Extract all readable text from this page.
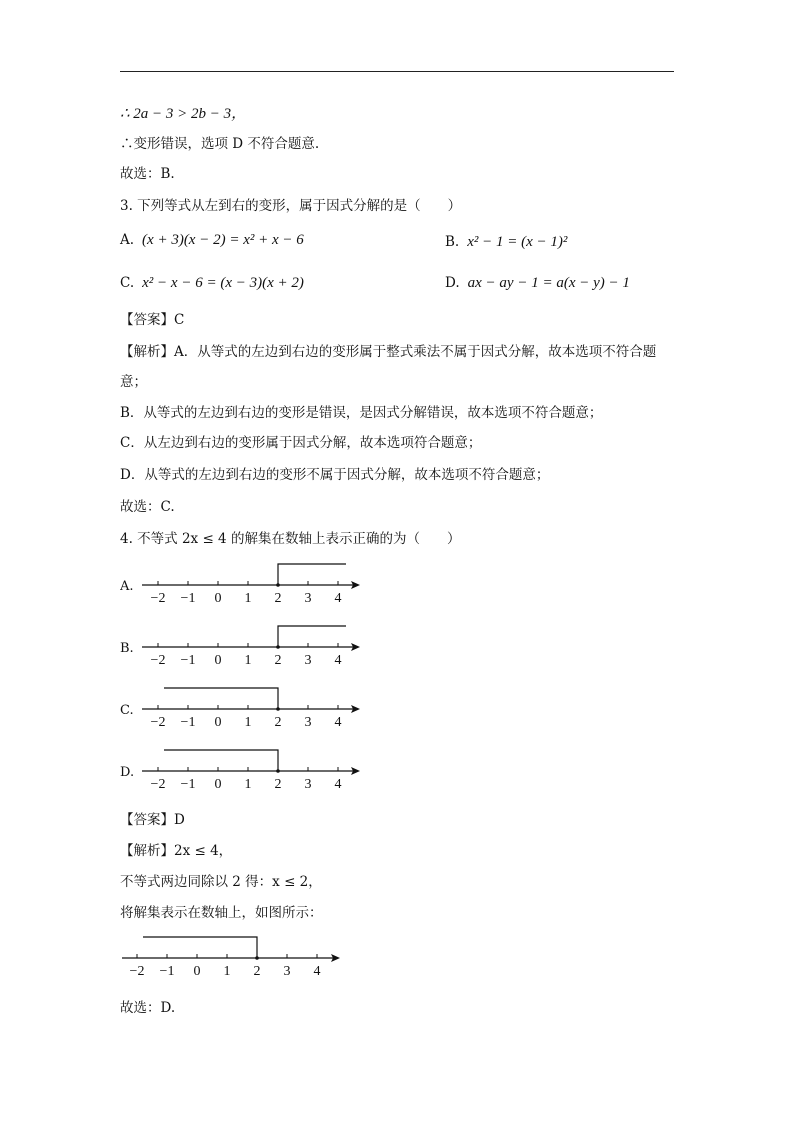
∴ 2a − 3 > 2b − 3，
∴变形错误，选项 D 不符合题意.
故选：B.
3. 下列等式从左到右的变形，属于因式分解的是（　　）
A. (x + 3)(x − 2) = x² + x − 6	B. x² − 1 = (x − 1)²
C. x² − x − 6 = (x − 3)(x + 2)	D. ax − ay − 1 = a(x − y) − 1
【答案】C
【解析】A．从等式的左边到右边的变形属于整式乘法不属于因式分解，故本选项不符合题
意；
B．从等式的左边到右边的变形是错误，是因式分解错误，故本选项不符合题意；
C．从左边到右边的变形属于因式分解，故本选项符合题意；
D．从等式的左边到右边的变形不属于因式分解，故本选项不符合题意；
故选：C.
4. 不等式 2x ≤ 4 的解集在数轴上表示正确的为（　　）
A.
−2 −1 0 1 2 3 4
B.
−2 −1 0 1 2 3 4
C.
−2 −1 0 1 2 3 4
D.
−2 −1 0 1 2 3 4
【答案】D
【解析】2x ≤ 4，
不等式两边同除以 2 得：x ≤ 2，
将解集表示在数轴上，如图所示：
−2 −1 0 1 2 3 4
故选：D.
